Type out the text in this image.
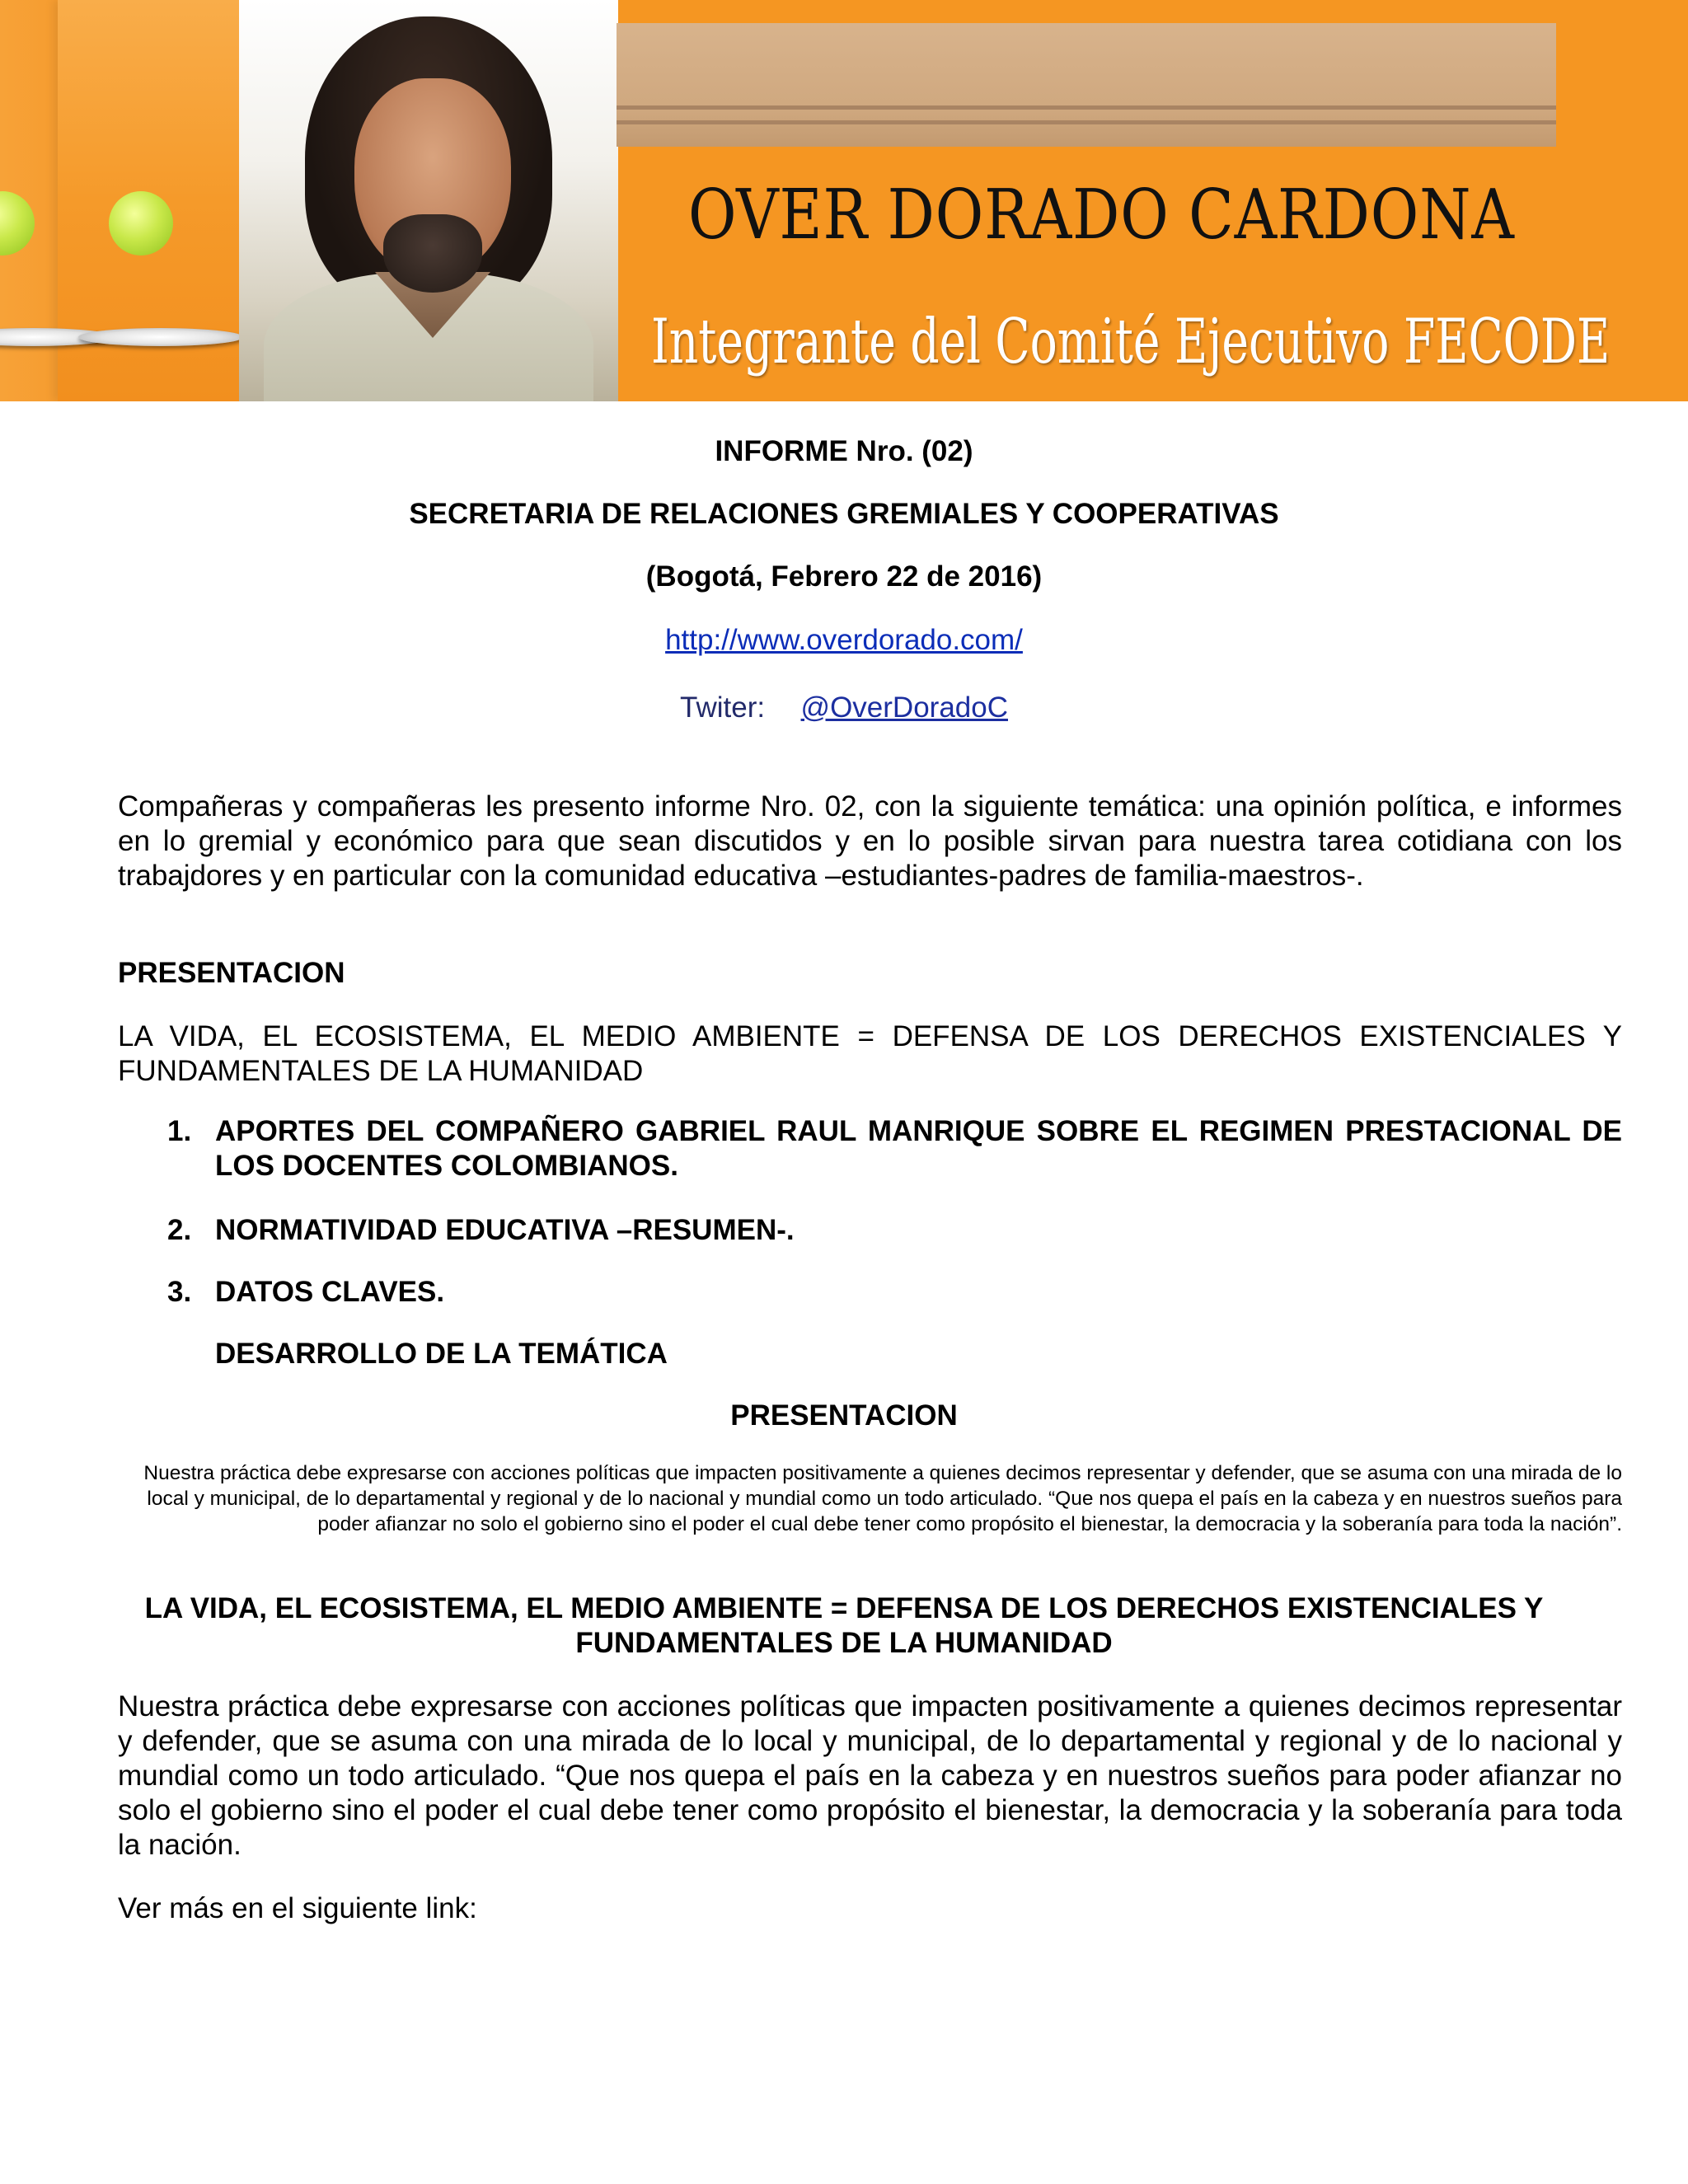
OVER DORADO CARDONA
Integrante del Comité Ejecutivo FECODE
INFORME Nro. (02)
SECRETARIA DE RELACIONES GREMIALES Y COOPERATIVAS
(Bogotá, Febrero 22 de 2016)
http://www.overdorado.com/
Twiter: @OverDoradoC
Compañeras y compañeras les presento informe Nro. 02, con la siguiente temática: una opinión política, e informes en lo gremial y económico para que sean discutidos y en lo posible sirvan para nuestra tarea cotidiana con los trabajdores y en particular con la comunidad educativa –estudiantes-padres de familia-maestros-.
PRESENTACION
LA VIDA, EL ECOSISTEMA, EL MEDIO AMBIENTE = DEFENSA DE LOS DERECHOS EXISTENCIALES Y FUNDAMENTALES DE LA HUMANIDAD
1. APORTES DEL COMPAÑERO GABRIEL RAUL MANRIQUE SOBRE EL REGIMEN PRESTACIONAL DE LOS DOCENTES COLOMBIANOS.
2. NORMATIVIDAD EDUCATIVA –RESUMEN-.
3. DATOS CLAVES.
DESARROLLO DE LA TEMÁTICA
PRESENTACION
Nuestra práctica debe expresarse con acciones políticas que impacten positivamente a quienes decimos representar y defender, que se asuma con una mirada de lo local y municipal, de lo departamental y regional y de lo nacional y mundial como un todo articulado. “Que nos quepa el país en la cabeza y en nuestros sueños para poder afianzar no solo el gobierno sino el poder el cual debe tener como propósito el bienestar, la democracia y la soberanía para toda la nación”.
LA VIDA, EL ECOSISTEMA, EL MEDIO AMBIENTE = DEFENSA DE LOS DERECHOS EXISTENCIALES Y FUNDAMENTALES DE LA HUMANIDAD
Nuestra práctica debe expresarse con acciones políticas que impacten positivamente a quienes decimos representar y defender, que se asuma con una mirada de lo local y municipal, de lo departamental y regional y de lo nacional y mundial como un todo articulado. “Que nos quepa el país en la cabeza y en nuestros sueños para poder afianzar no solo el gobierno sino el poder el cual debe tener como propósito el bienestar, la democracia y la soberanía para toda la nación.
Ver más en el siguiente link:
